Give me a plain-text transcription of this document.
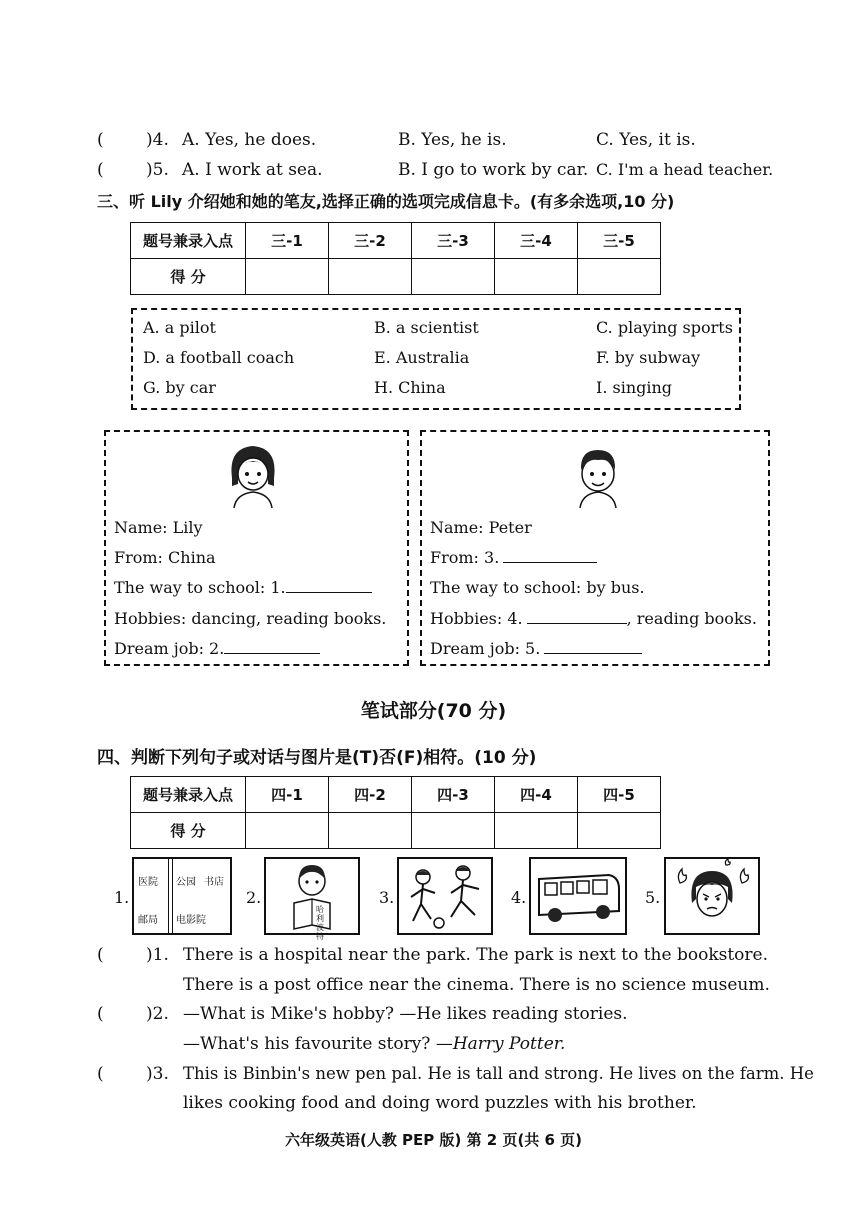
( )4. A. Yes, he does.	B. Yes, he is.	C. Yes, it is.
( )5. A. I work at sea.	B. I go to work by car. C. I'm a head teacher.
三、听 Lily 介绍她和她的笔友,选择正确的选项完成信息卡。(有多余选项,10 分)
题号兼录入点	三-1	三-2	三-3	三-4	三-5
得 分					
A. a pilot	B. a scientist	C. playing sports
D. a football coach	E. Australia	F. by subway
G. by car	H. China	I. singing
Name: Lily
From: China
The way to school: 1.
Hobbies: dancing, reading books.
Dream job: 2.
Name: Peter
From: 3.
The way to school: by bus.
Hobbies: 4.	, reading books.
Dream job: 5.
笔试部分(70 分)
四、判断下列句子或对话与图片是(T)否(F)相符。(10 分)
题号兼录入点	四-1	四-2	四-3	四-4	四-5
得 分					
1.
医院 公园 书店
邮局 电影院
2.
哈利波特
3.	4.	5.
( )1. There is a hospital near the park. The park is next to the bookstore.
There is a post office near the cinema. There is no science museum.
( )2. —What is Mike's hobby? —He likes reading stories.
—What's his favourite story? —Harry Potter.
( )3. This is Binbin's new pen pal. He is tall and strong. He lives on the farm. He
likes cooking food and doing word puzzles with his brother.
六年级英语(人教 PEP 版) 第 2 页(共 6 页)
